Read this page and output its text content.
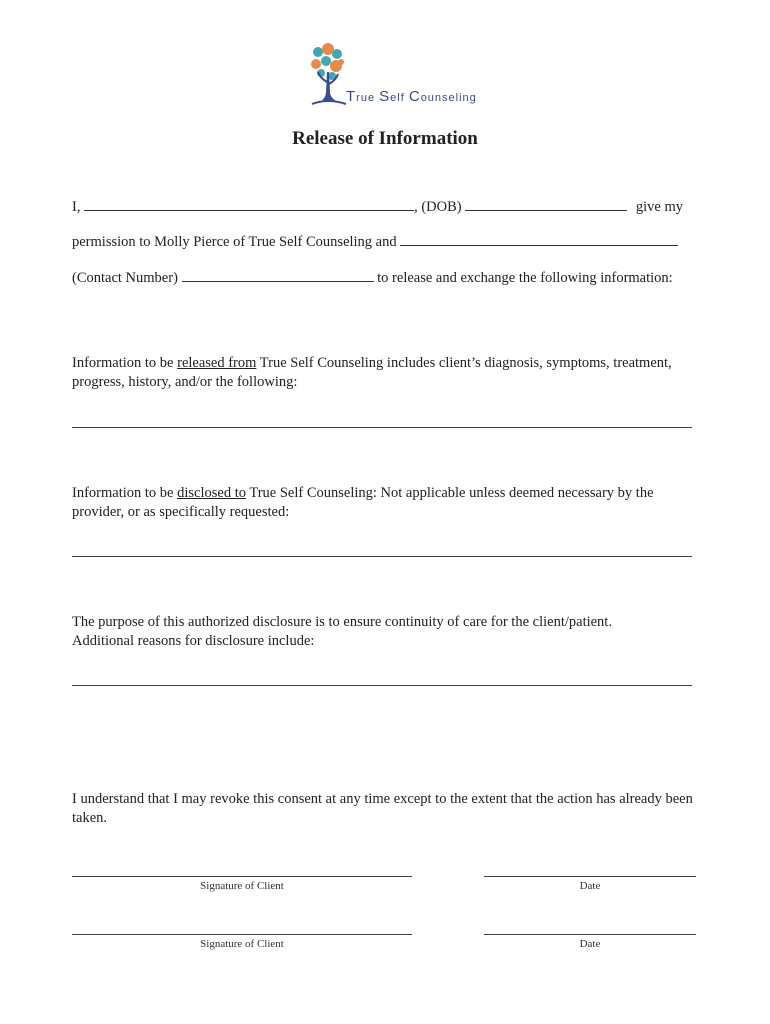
True Self Counseling
Release of Information
I,	, (DOB)	give my
permission to Molly Pierce of True Self Counseling and
(Contact Number)	to release and exchange the following information:
Information to be released from True Self Counseling includes client’s diagnosis, symptoms, treatment, progress, history, and/or the following:
Information to be disclosed to True Self Counseling: Not applicable unless deemed necessary by the provider, or as specifically requested:
The purpose of this authorized disclosure is to ensure continuity of care for the client/patient. Additional reasons for disclosure include:
I understand that I may revoke this consent at any time except to the extent that the action has already been taken.
Signature of Client	Date
Signature of Client	Date
